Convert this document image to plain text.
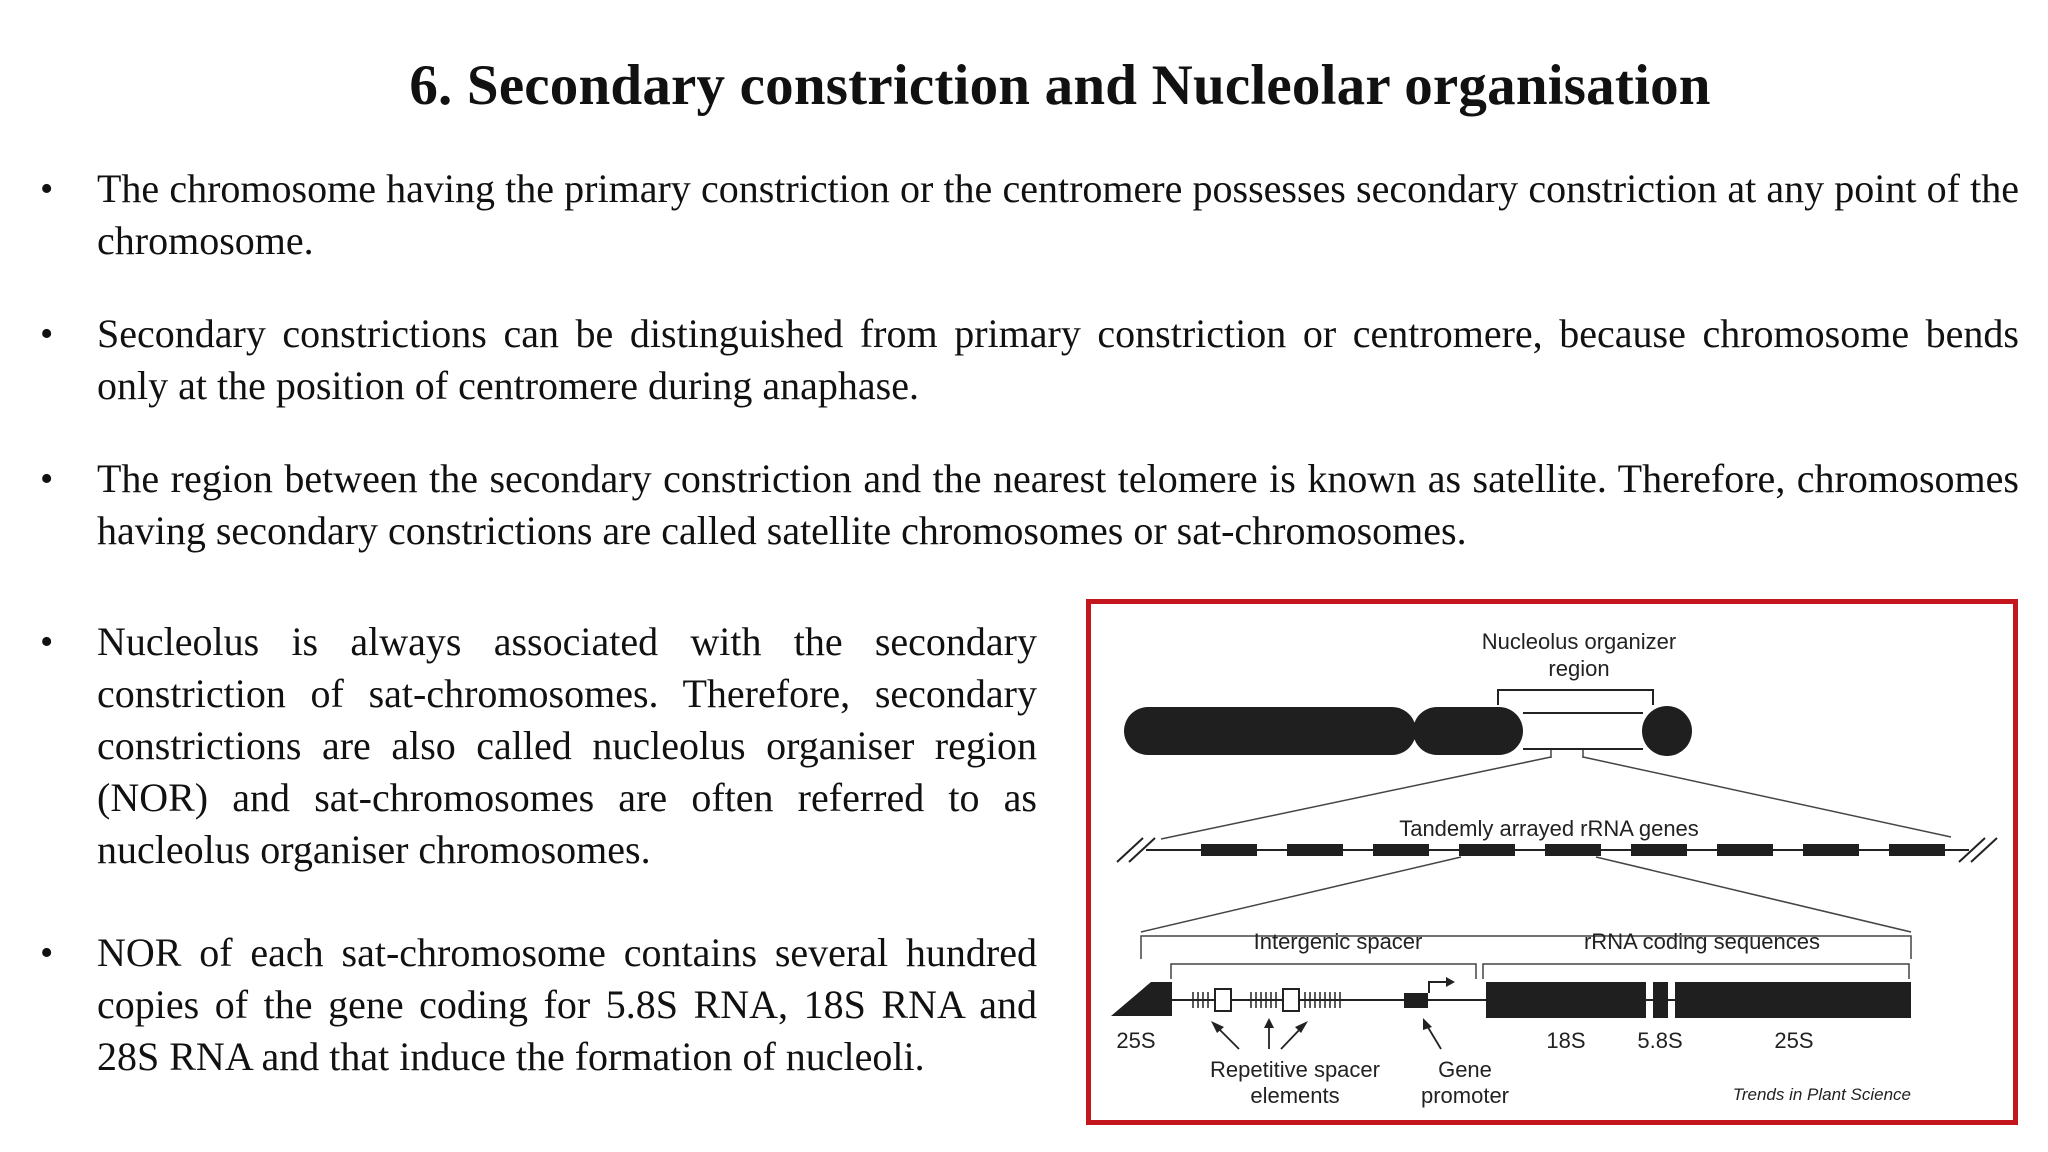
6. Secondary constriction and Nucleolar organisation
• The chromosome having the primary constriction or the centromere possesses secondary constriction at any point of the chromosome.
• Secondary constrictions can be distinguished from primary constriction or centromere, because chromosome bends only at the position of centromere during anaphase.
• The region between the secondary constriction and the nearest telomere is known as satellite. Therefore, chromosomes having secondary constrictions are called satellite chromosomes or sat-chromosomes.
• Nucleolus is always associated with the secondary constriction of sat-chromosomes. Therefore, secondary constrictions are also called nucleolus organiser region (NOR) and sat-chromosomes are often referred to as nucleolus organiser chromosomes.
• NOR of each sat-chromosome contains several hundred copies of the gene coding for 5.8S RNA, 18S RNA and 28S RNA and that induce the formation of nucleoli.
Nucleolus organizer
region
Tandemly arrayed rRNA genes
Intergenic spacer	rRNA coding sequences
25S	18S 5.8S	25S
Repetitive spacer
elements
Gene
promoter	Trends in Plant Science
